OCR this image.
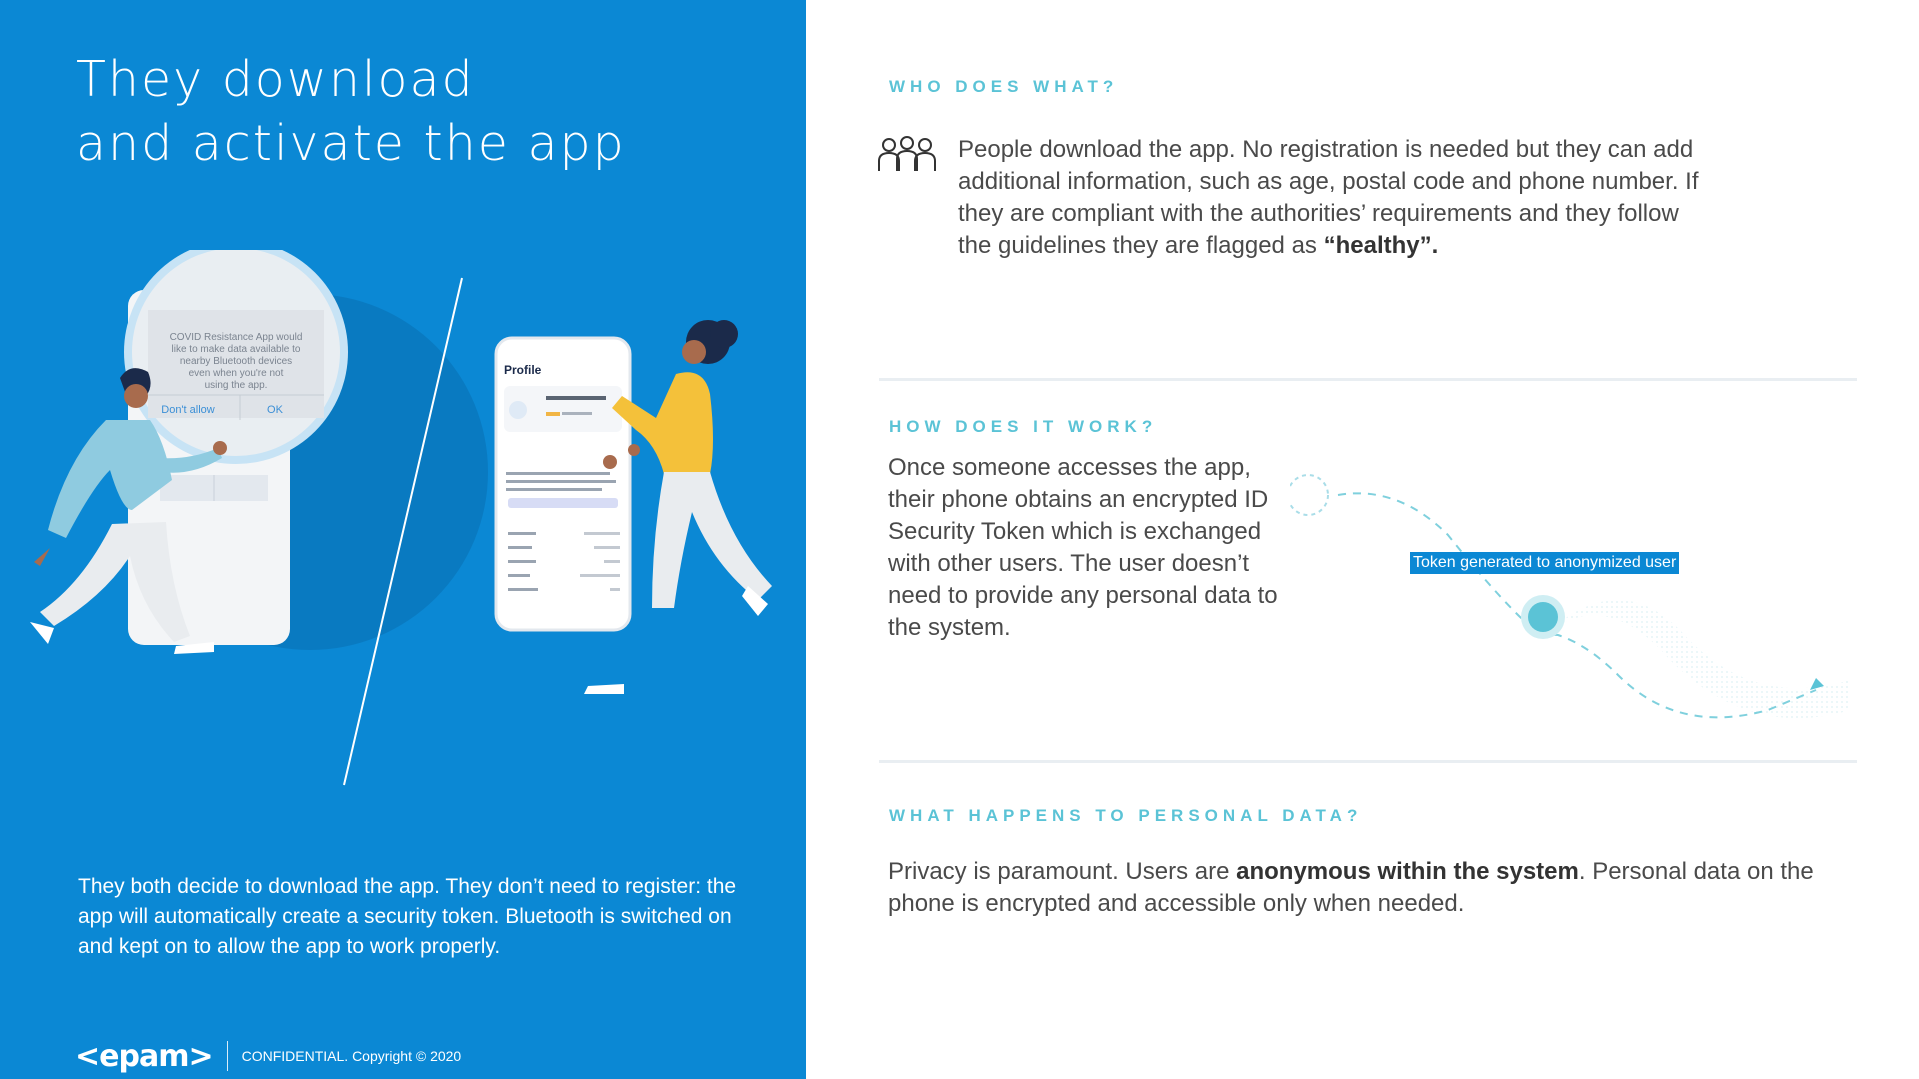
They download
and activate the app
COVID Resistance App would
like to make data available to
nearby Bluetooth devices
even when you're not
using the app.
Don't allow	OK
Profile
They both decide to download the app. They don’t need to register: the app will automatically create a security token. Bluetooth is switched on and kept on to allow the app to work properly.
<epam> CONFIDENTIAL. Copyright © 2020
WHO DOES WHAT?
People download the app. No registration is needed but they can add additional information, such as age, postal code and phone number. If they are compliant with the authorities’ requirements and they follow the guidelines they are flagged as “healthy”.
HOW DOES IT WORK?
Once someone accesses the app, their phone obtains an encrypted ID Security Token which is exchanged with other users. The user doesn’t need to provide any personal data to the system.
Token generated to anonymized user
WHAT HAPPENS TO PERSONAL DATA?
Privacy is paramount. Users are anonymous within the system. Personal data on the phone is encrypted and accessible only when needed.
